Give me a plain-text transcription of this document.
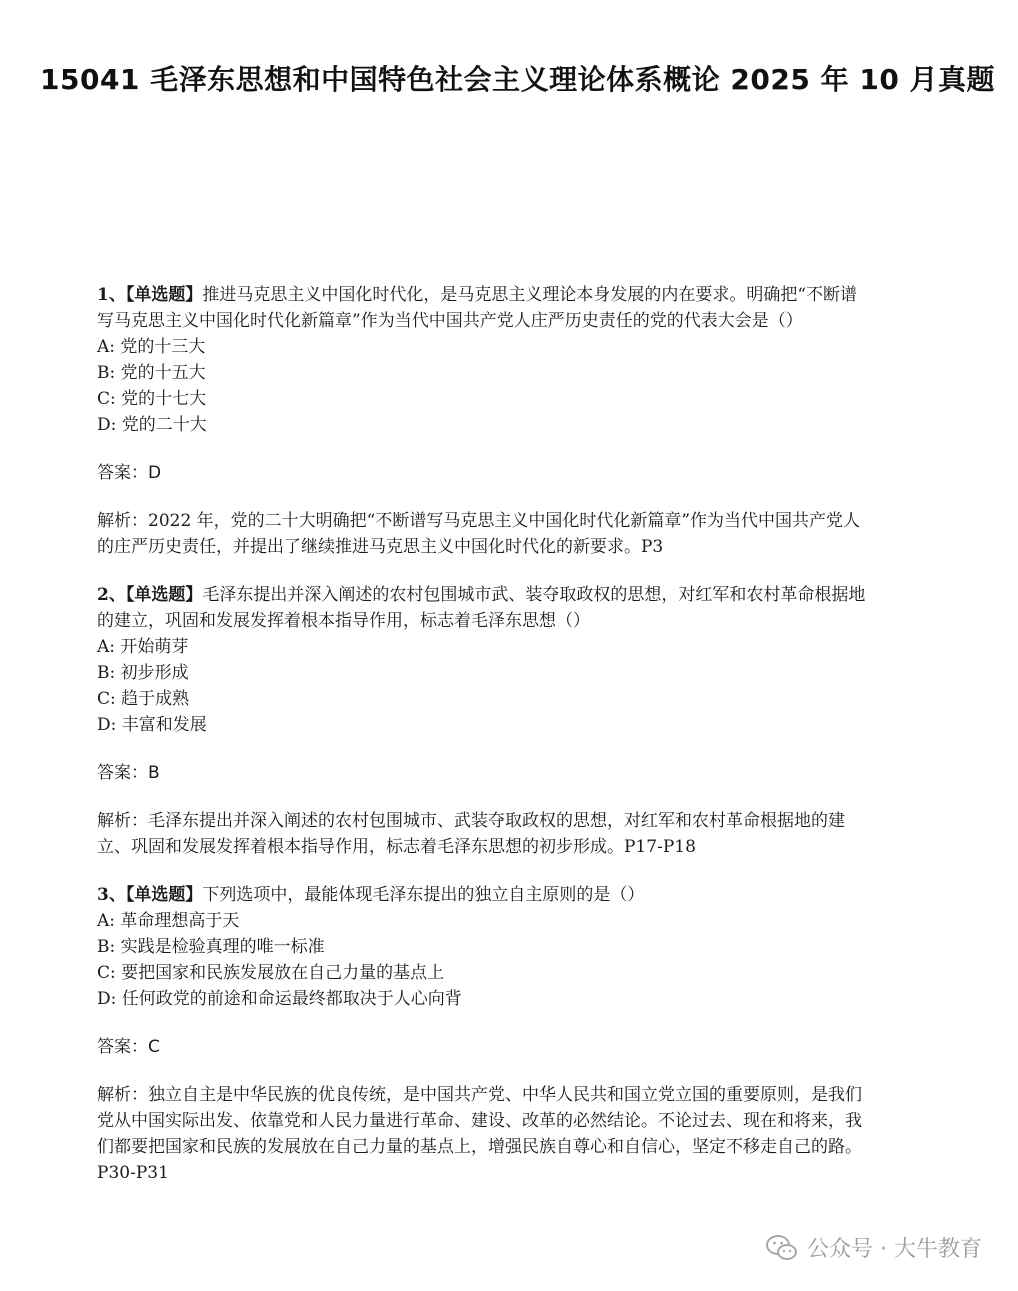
15041 毛泽东思想和中国特色社会主义理论体系概论 2025 年 10 月真题

1、【单选题】推进马克思主义中国化时代化，是马克思主义理论本身发展的内在要求。明确把“不断谱写马克思主义中国化时代化新篇章”作为当代中国共产党人庄严历史责任的党的代表大会是（）

A: 党的十三大
B: 党的十五大
C: 党的十七大
D: 党的二十大

答案：D

解析：2022 年，党的二十大明确把“不断谱写马克思主义中国化时代化新篇章”作为当代中国共产党人的庄严历史责任，并提出了继续推进马克思主义中国化时代化的新要求。P3

2、【单选题】毛泽东提出并深入阐述的农村包围城市武、装夺取政权的思想，对红军和农村革命根据地的建立，巩固和发展发挥着根本指导作用，标志着毛泽东思想（）

A: 开始萌芽
B: 初步形成
C: 趋于成熟
D: 丰富和发展

答案：B

解析：毛泽东提出并深入阐述的农村包围城市、武装夺取政权的思想，对红军和农村革命根据地的建立、巩固和发展发挥着根本指导作用，标志着毛泽东思想的初步形成。P17-P18

3、【单选题】下列选项中，最能体现毛泽东提出的独立自主原则的是（）

A: 革命理想高于天
B: 实践是检验真理的唯一标准
C: 要把国家和民族发展放在自己力量的基点上
D: 任何政党的前途和命运最终都取决于人心向背

答案：C

解析：独立自主是中华民族的优良传统，是中国共产党、中华人民共和国立党立国的重要原则，是我们党从中国实际出发、依靠党和人民力量进行革命、建设、改革的必然结论。不论过去、现在和将来，我们都要把国家和民族的发展放在自己力量的基点上，增强民族自尊心和自信心，坚定不移走自己的路。P30-P31

公众号 · 大牛教育
